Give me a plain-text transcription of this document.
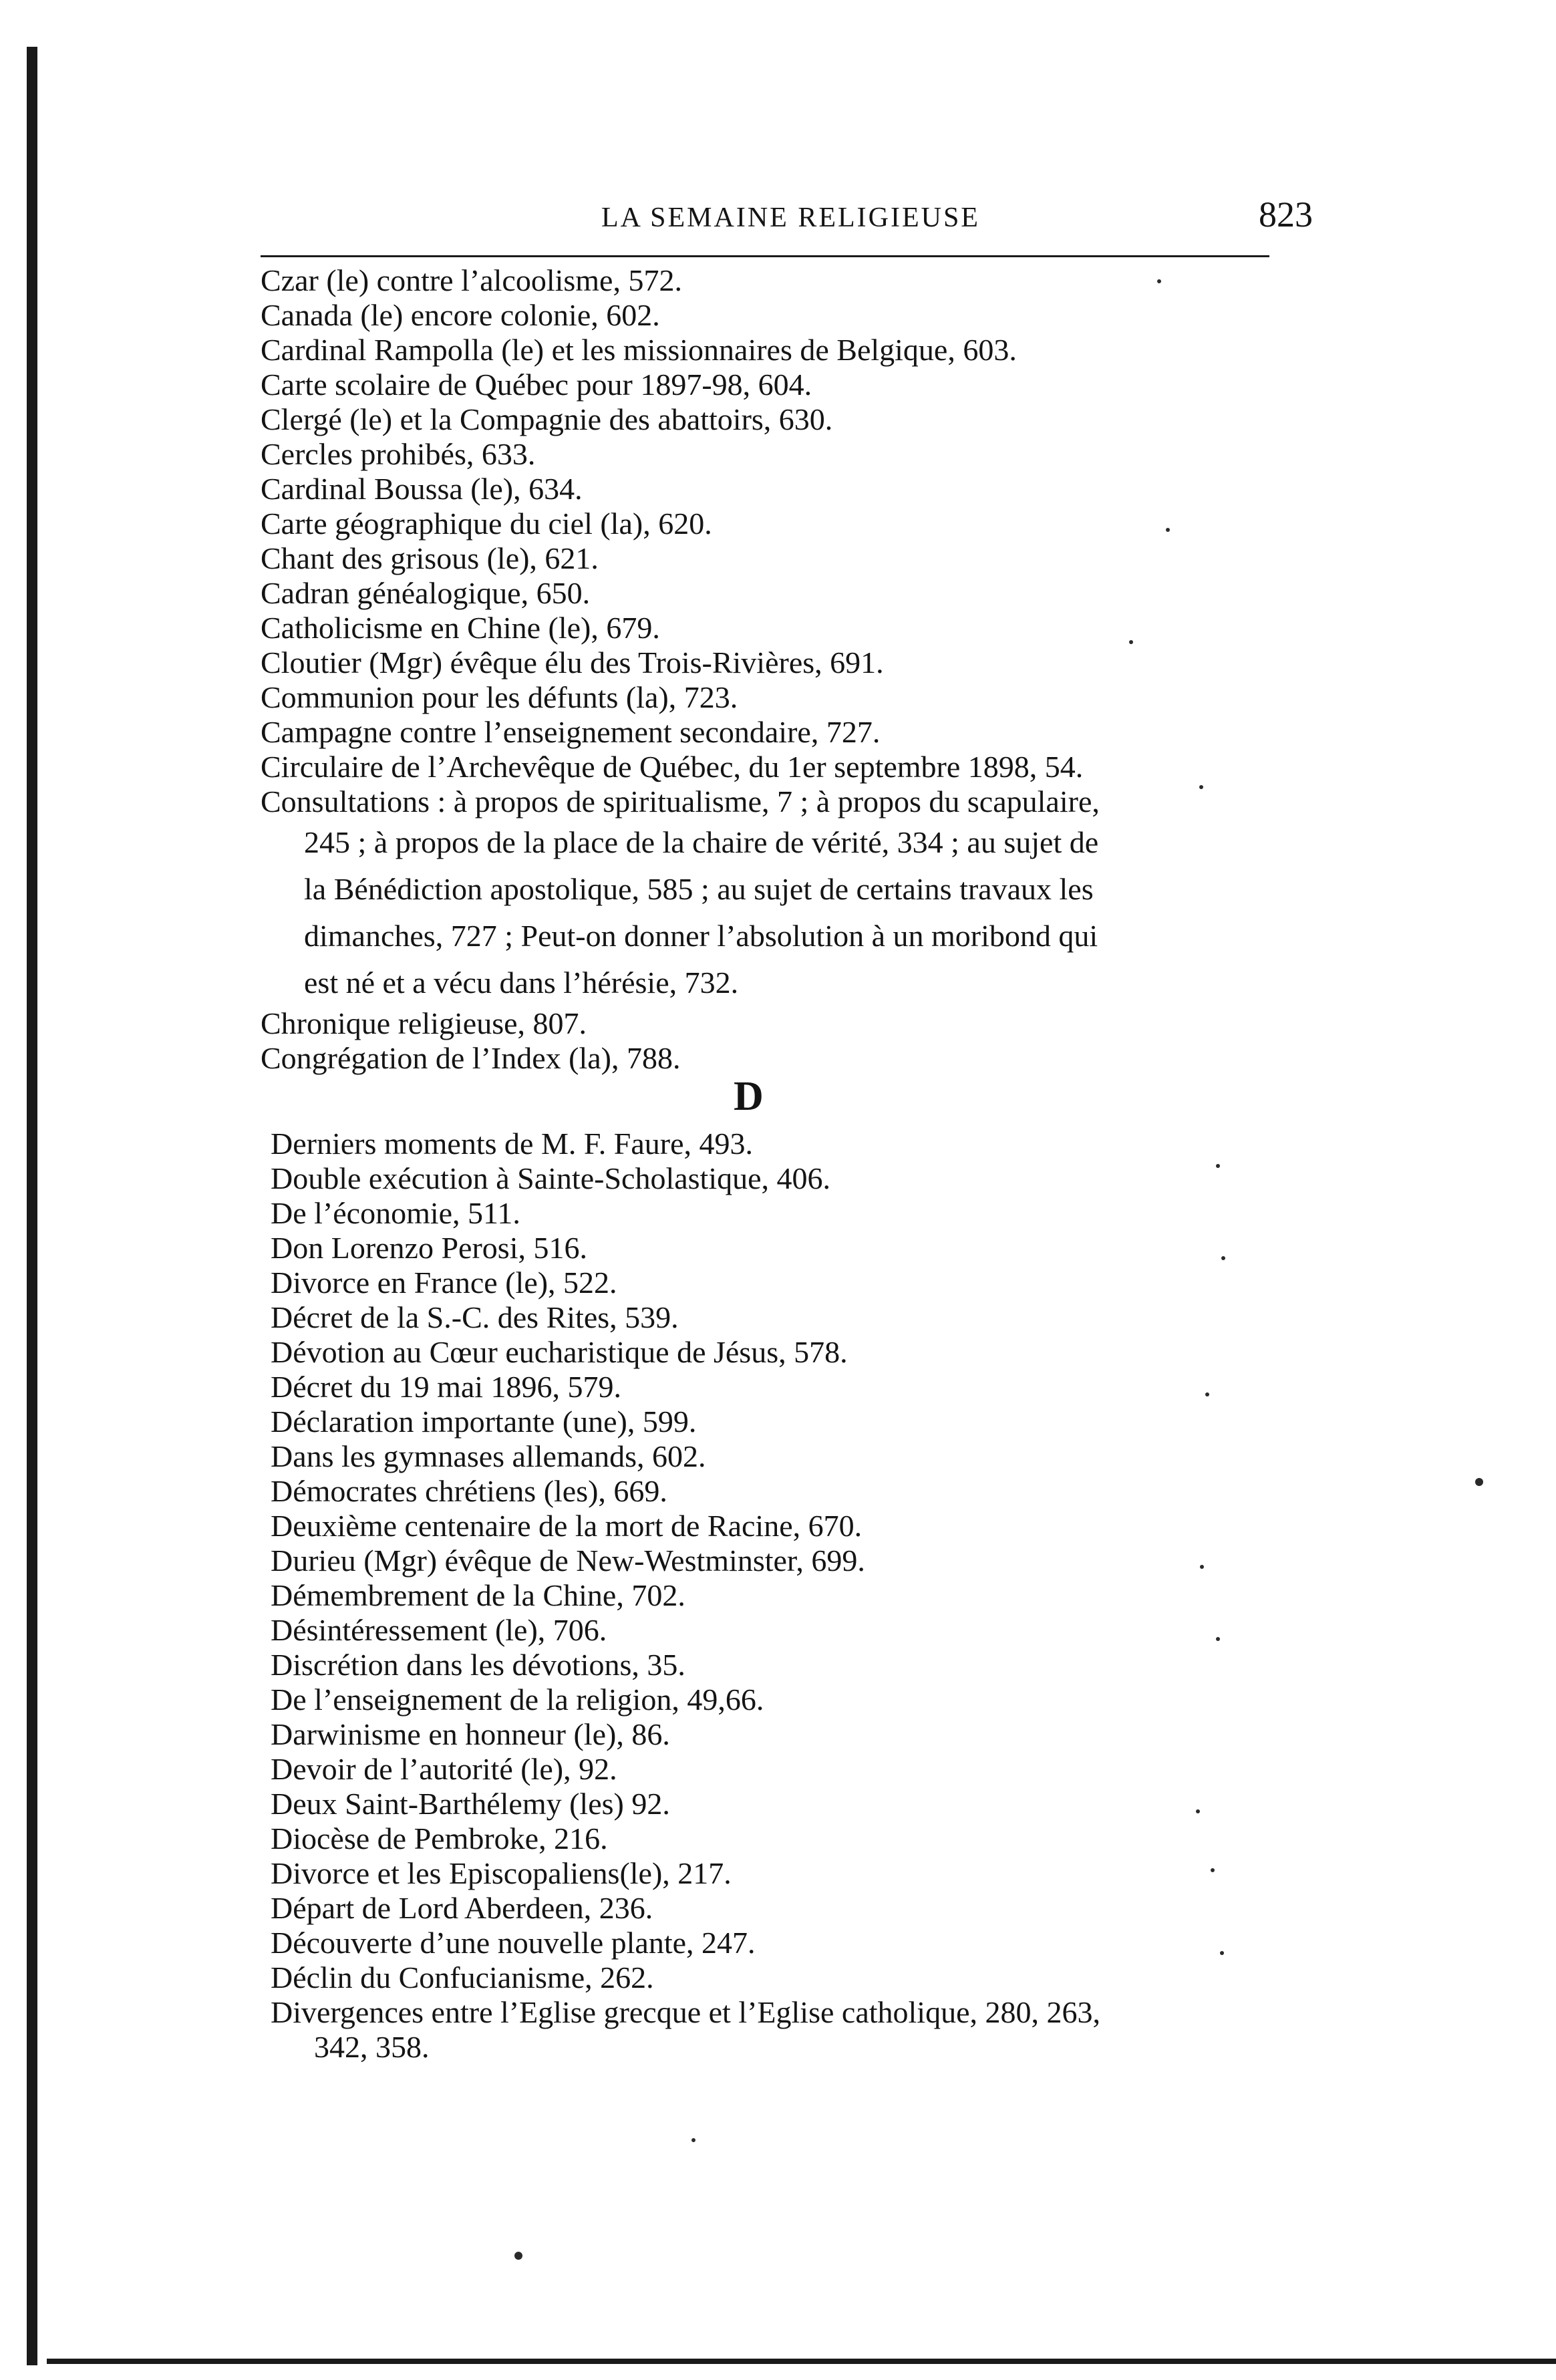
LA SEMAINE RELIGIEUSE	823
Czar (le) contre l’alcoolisme, 572.
Canada (le) encore colonie, 602.
Cardinal Rampolla (le) et les missionnaires de Belgique, 603.
Carte scolaire de Québec pour 1897-98, 604.
Clergé (le) et la Compagnie des abattoirs, 630.
Cercles prohibés, 633.
Cardinal Boussa (le), 634.
Carte géographique du ciel (la), 620.
Chant des grisous (le), 621.
Cadran généalogique, 650.
Catholicisme en Chine (le), 679.
Cloutier (Mgr) évêque élu des Trois-Rivières, 691.
Communion pour les défunts (la), 723.
Campagne contre l’enseignement secondaire, 727.
Circulaire de l’Archevêque de Québec, du 1er septembre 1898, 54.
Consultations : à propos de spiritualisme, 7 ; à propos du scapulaire,
245 ; à propos de la place de la chaire de vérité, 334 ; au sujet de
la Bénédiction apostolique, 585 ; au sujet de certains travaux les
dimanches, 727 ; Peut-on donner l’absolution à un moribond qui
est né et a vécu dans l’hérésie, 732.
Chronique religieuse, 807.
Congrégation de l’Index (la), 788.
D
Derniers moments de M. F. Faure, 493.
Double exécution à Sainte-Scholastique, 406.
De l’économie, 511.
Don Lorenzo Perosi, 516.
Divorce en France (le), 522.
Décret de la S.-C. des Rites, 539.
Dévotion au Cœur eucharistique de Jésus, 578.
Décret du 19 mai 1896, 579.
Déclaration importante (une), 599.
Dans les gymnases allemands, 602.
Démocrates chrétiens (les), 669.
Deuxième centenaire de la mort de Racine, 670.
Durieu (Mgr) évêque de New-Westminster, 699.
Démembrement de la Chine, 702.
Désintéressement (le), 706.
Discrétion dans les dévotions, 35.
De l’enseignement de la religion, 49,66.
Darwinisme en honneur (le), 86.
Devoir de l’autorité (le), 92.
Deux Saint-Barthélemy (les) 92.
Diocèse de Pembroke, 216.
Divorce et les Episcopaliens(le), 217.
Départ de Lord Aberdeen, 236.
Découverte d’une nouvelle plante, 247.
Déclin du Confucianisme, 262.
Divergences entre l’Eglise grecque et l’Eglise catholique, 280, 263,
342, 358.
